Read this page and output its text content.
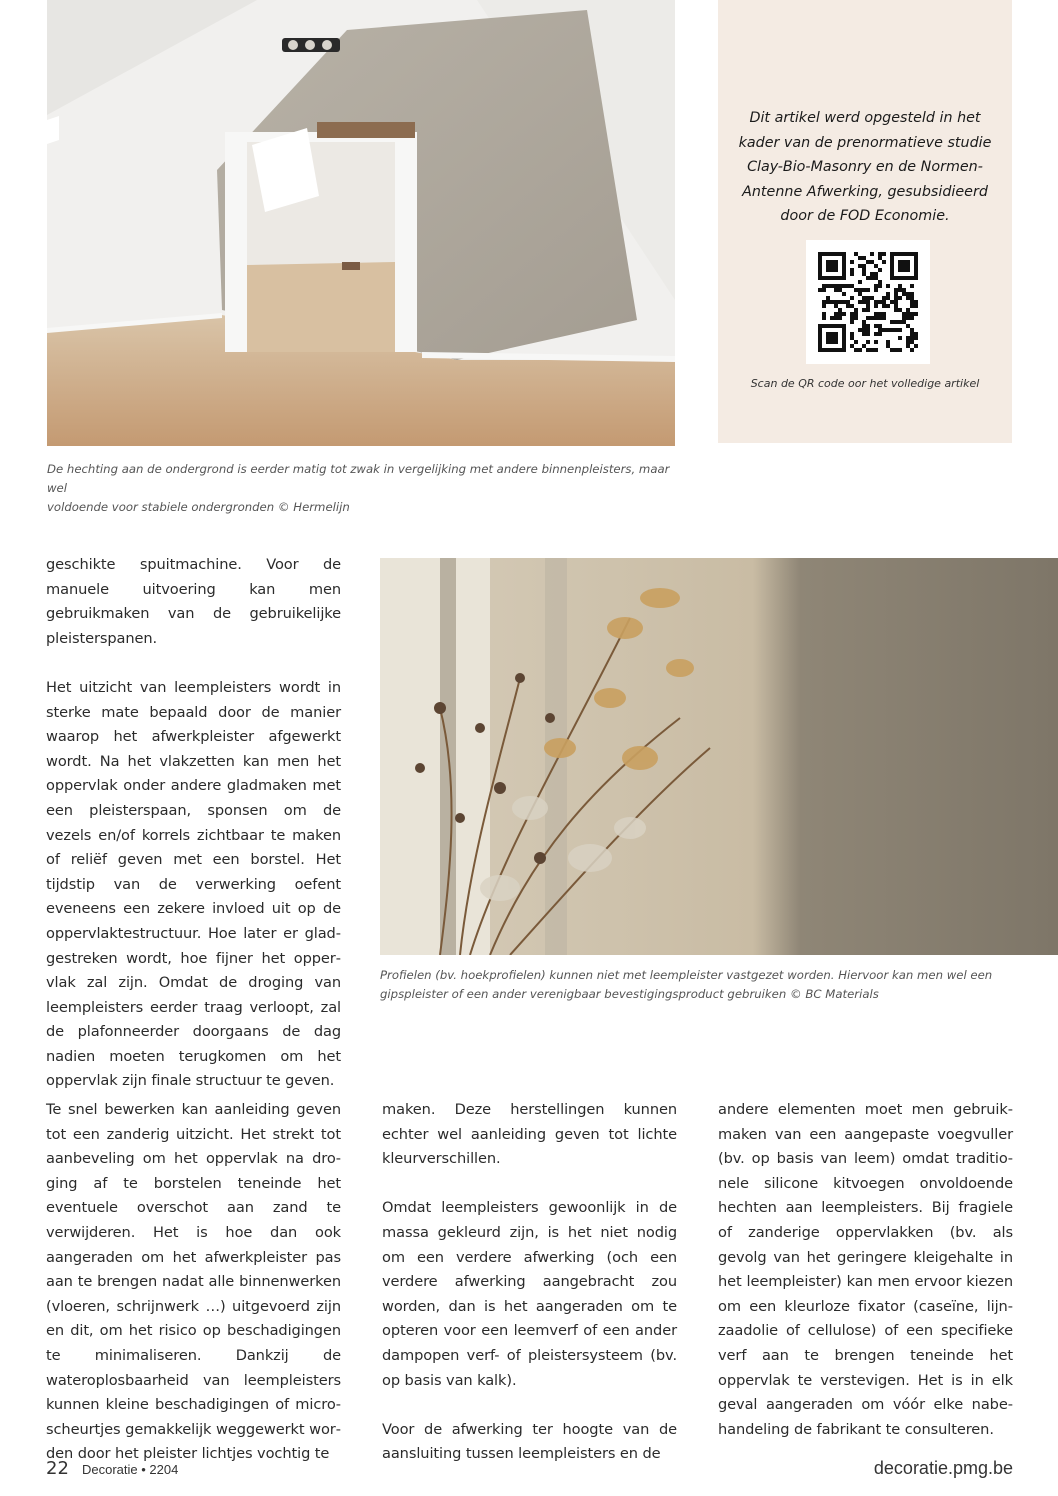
Dit artikel werd opgesteld in het
kader van de prenormatieve studie
Clay-Bio-Masonry en de Normen-
Antenne Afwerking, gesubsidieerd
door de FOD Economie.
Scan de QR code oor het volledige artikel
De hechting aan de ondergrond is eerder matig tot zwak in vergelijking met andere binnenpleisters, maar wel
voldoende voor stabiele ondergronden © Hermelijn

geschikte spuitmachine. Voor de manuele uitvoering kan men gebruikmaken van de gebruikelijke pleisterspanen.

Het uitzicht van leempleisters wordt in sterke mate bepaald door de manier waarop het afwerkpleister afgewerkt wordt. Na het vlakzetten kan men het oppervlak onder andere gladmaken met een pleisterspaan, sponsen om de vezels en/of korrels zichtbaar te maken of reliëf geven met een borstel. Het tijdstip van de verwerking oefent eveneens een zekere invloed uit op de oppervlaktestructuur. Hoe later er gladgestreken wordt, hoe fijner het oppervlak zal zijn. Omdat de droging van leempleisters eerder traag verloopt, zal de plafonneerder doorgaans de dag nadien moeten terugkomen om het oppervlak zijn finale structuur te geven.

Profielen (bv. hoekprofielen) kunnen niet met leempleister vastgezet worden. Hiervoor kan men wel een
gipspleister of een ander verenigbaar bevestigingsproduct gebruiken © BC Materials

Te snel bewerken kan aanleiding geven tot een zanderig uitzicht. Het strekt tot aanbeveling om het oppervlak na droging af te borstelen teneinde het eventuele overschot aan zand te verwijderen. Het is hoe dan ook aangeraden om het afwerkpleister pas aan te brengen nadat alle binnenwerken (vloeren, schrijnwerk …) uitgevoerd zijn en dit, om het risico op beschadigingen te minimaliseren. Dankzij de wateroplosbaarheid van leempleisters kunnen kleine beschadigingen of microscheurtjes gemakkelijk weggewerkt worden door het pleister lichtjes vochtig te

maken. Deze herstellingen kunnen echter wel aanleiding geven tot lichte kleurverschillen.

Omdat leempleisters gewoonlijk in de massa gekleurd zijn, is het niet nodig om een verdere afwerking (och een verdere afwerking aangebracht zou worden, dan is het aangeraden om te opteren voor een leemverf of een ander dampopen verf- of pleistersysteem (bv. op basis van kalk).

Voor de afwerking ter hoogte van de aansluiting tussen leempleisters en de

andere elementen moet men gebruikmaken van een aangepaste voegvuller (bv. op basis van leem) omdat traditionele silicone kitvoegen onvoldoende hechten aan leempleisters. Bij fragiele of zanderige oppervlakken (bv. als gevolg van het geringere kleigehalte in het leempleister) kan men ervoor kiezen om een kleurloze fixator (caseïne, lijnzaadolie of cellulose) of een specifieke verf aan te brengen teneinde het oppervlak te verstevigen. Het is in elk geval aangeraden om vóór elke nabehandeling de fabrikant te consulteren.

22 Decoratie • 2204	decoratie.pmg.be
